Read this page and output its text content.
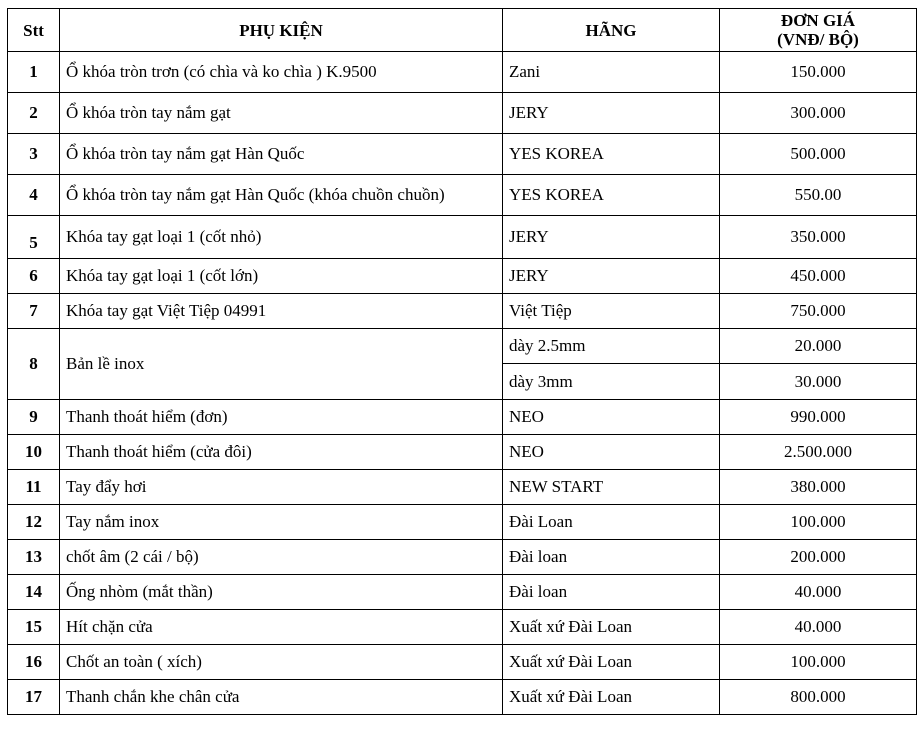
Stt	PHỤ KIỆN	HÃNG	ĐƠN GIÁ
(VNĐ/ BỘ)

1	Ổ khóa tròn trơn (có chìa và ko chìa ) K.9500	Zani	150.000
2	Ổ khóa tròn tay nắm gạt	JERY	300.000
3	Ổ khóa tròn tay nắm gạt Hàn Quốc	YES KOREA	500.000
4	Ổ khóa tròn tay nắm gạt Hàn Quốc (khóa chuồn chuồn)	YES KOREA	550.00
5	Khóa tay gạt loại 1 (cốt nhỏ)	JERY	350.000
6	Khóa tay gạt loại 1 (cốt lớn)	JERY	450.000
7	Khóa tay gạt Việt Tiệp 04991	Việt Tiệp	750.000
8	Bản lề inox	dày 2.5mm	20.000
		dày 3mm	30.000
9	Thanh thoát hiểm (đơn)	NEO	990.000
10	Thanh thoát hiểm (cửa đôi)	NEO	2.500.000
11	Tay đẩy hơi	NEW START	380.000
12	Tay nắm inox	Đài Loan	100.000
13	chốt âm (2 cái / bộ)	Đài loan	200.000
14	Ống nhòm (mắt thần)	Đài loan	40.000
15	Hít chặn cửa	Xuất xứ Đài Loan	40.000
16	Chốt an toàn ( xích)	Xuất xứ Đài Loan	100.000
17	Thanh chắn khe chân cửa	Xuất xứ Đài Loan	800.000
